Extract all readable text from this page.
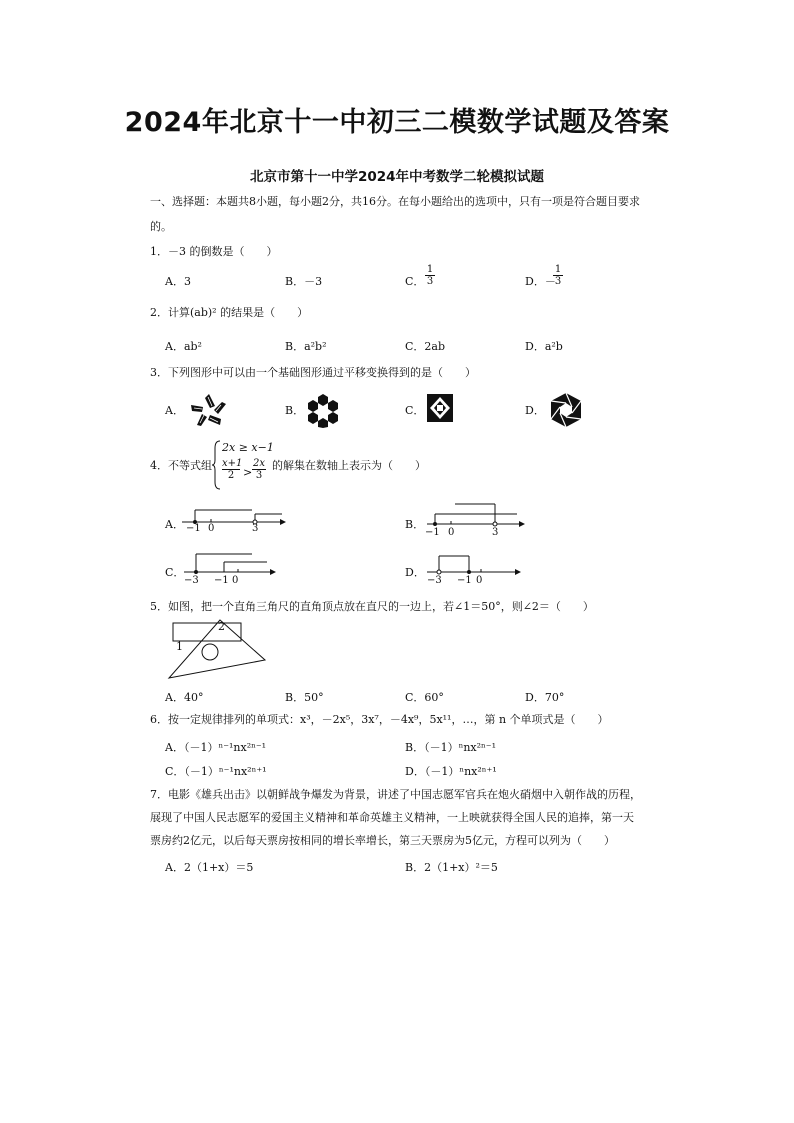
2024年北京十一中初三二模数学试题及答案
北京市第十一中学2024年中考数学二轮模拟试题
一、选择题：本题共8小题，每小题2分，共16分。在每小题给出的选项中，只有一项是符合题目要求
的。
1．－3 的倒数是（　　）
A．3	B．－3	C．
1
3	D．－
1
3
2．计算(ab)² 的结果是（　　）
A．ab²	B．a²b²	C．2ab	D．a²b
3．下列图形中可以由一个基础图形通过平移变换得到的是（　　）
A．	B．	C．	D．
4．不等式组
2x ≥ x−1
x+1
2 >
2x
3
的解集在数轴上表示为（　　）
A．	B．
C．	D．
−1 0	3	−1 0	3
−3 −1 0	−3 −1 0
5．如图，把一个直角三角尺的直角顶点放在直尺的一边上，若∠1＝50°，则∠2＝（　　）
2
1
A．40°	B．50°	C．60°	D．70°
6．按一定规律排列的单项式：x³，－2x⁵，3x⁷，－4x⁹，5x¹¹，…，第 n 个单项式是（　　）
A．（－1）ⁿ⁻¹nx²ⁿ⁻¹	B．（－1）ⁿnx²ⁿ⁻¹
C．（－1）ⁿ⁻¹nx²ⁿ⁺¹	D．（－1）ⁿnx²ⁿ⁺¹
7．电影《雄兵出击》以朝鲜战争爆发为背景，讲述了中国志愿军官兵在炮火硝烟中入朝作战的历程，
展现了中国人民志愿军的爱国主义精神和革命英雄主义精神，一上映就获得全国人民的追捧，第一天
票房约2亿元，以后每天票房按相同的增长率增长，第三天票房为5亿元，方程可以列为（　　）
A．2（1+x）＝5	B．2（1+x）²＝5
